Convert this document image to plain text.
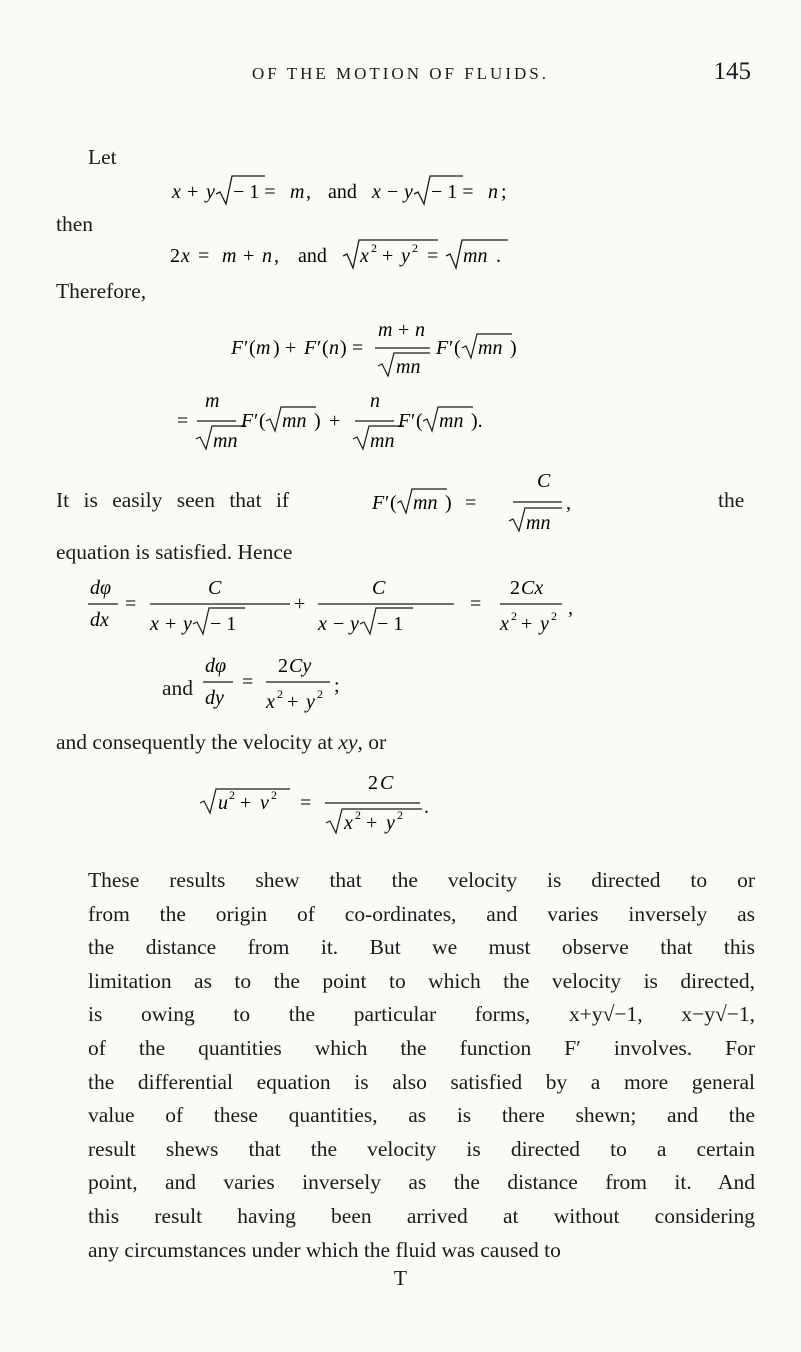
OF THE MOTION OF FLUIDS.	145
Let
x + y − 1 = m , and x − y − 1 = n ;
then
2 x = m + n , and x 2 + y 2 = mn .
Therefore,
F ′ ( m ) + F ′ ( n ) =
m + n
mn
F ′ ( mn )
=
m
mn
F ′ ( mn ) +
n
mn
F ′ ( mn ).
It is easily seen that if	F ′ ( mn ) =
C
mn
,	the
equation is satisfied. Hence
dφ
dx
=
C
x + y − 1
+
C
x − y − 1
=
2 Cx
x 2 + y 2 ,
and
dφ
dy
=
2 Cy
x 2 + y 2 ;
and consequently the velocity at xy, or
u 2 + v 2 =
2 C
x 2 + y 2 .
These results shew that the velocity is directed to or
from the origin of co-ordinates, and varies inversely as
the distance from it. But we must observe that this
limitation as to the point to which the velocity is directed,
is owing to the particular forms, x+y√−1, x−y√−1,
of the quantities which the function F′ involves. For
the differential equation is also satisfied by a more general
value of these quantities, as is there shewn; and the
result shews that the velocity is directed to a certain
point, and varies inversely as the distance from it. And
this result having been arrived at without considering
any circumstances under which the fluid was caused to
T
